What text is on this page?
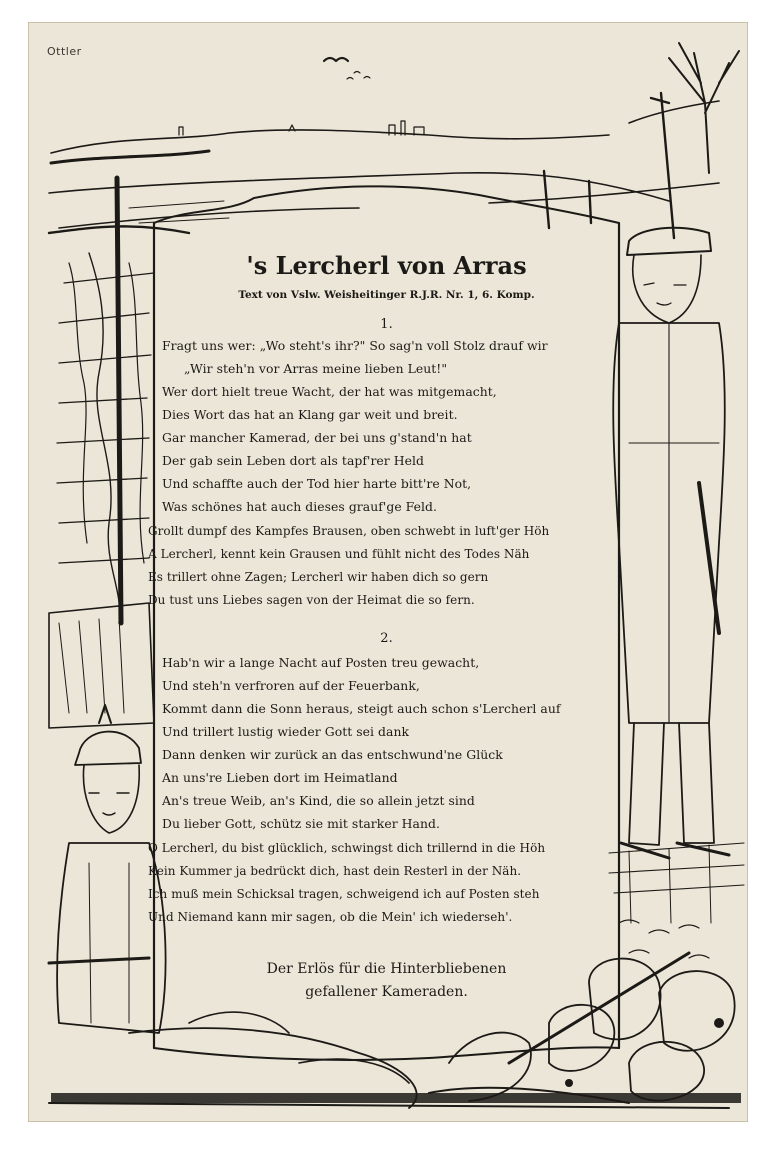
Ottler
's Lercherl von Arras
Text von Vslw. Weisheitinger R.J.R. Nr. 1, 6. Komp.
1.
Fragt uns wer: „Wo steht's ihr?" So sag'n voll Stolz drauf wir
„Wir steh'n vor Arras meine lieben Leut!"
Wer dort hielt treue Wacht, der hat was mitgemacht,
Dies Wort das hat an Klang gar weit und breit.
Gar mancher Kamerad, der bei uns g'stand'n hat
Der gab sein Leben dort als tapf'rer Held
Und schaffte auch der Tod hier harte bitt're Not,
Was schönes hat auch dieses grauf'ge Feld.
Grollt dumpf des Kampfes Brausen, oben schwebt in luft'ger Höh
A Lercherl, kennt kein Grausen und fühlt nicht des Todes Näh
Es trillert ohne Zagen; Lercherl wir haben dich so gern
Du tust uns Liebes sagen von der Heimat die so fern.
2.
Hab'n wir a lange Nacht auf Posten treu gewacht,
Und steh'n verfroren auf der Feuerbank,
Kommt dann die Sonn heraus, steigt auch schon s'Lercherl auf
Und trillert lustig wieder Gott sei dank
Dann denken wir zurück an das entschwund'ne Glück
An uns're Lieben dort im Heimatland
An's treue Weib, an's Kind, die so allein jetzt sind
Du lieber Gott, schütz sie mit starker Hand.
O Lercherl, du bist glücklich, schwingst dich trillernd in die Höh
Kein Kummer ja bedrückt dich, hast dein Resterl in der Näh.
Ich muß mein Schicksal tragen, schweigend ich auf Posten steh
Und Niemand kann mir sagen, ob die Mein' ich wiederseh'.
Der Erlös für die Hinterbliebenen
gefallener Kameraden.
